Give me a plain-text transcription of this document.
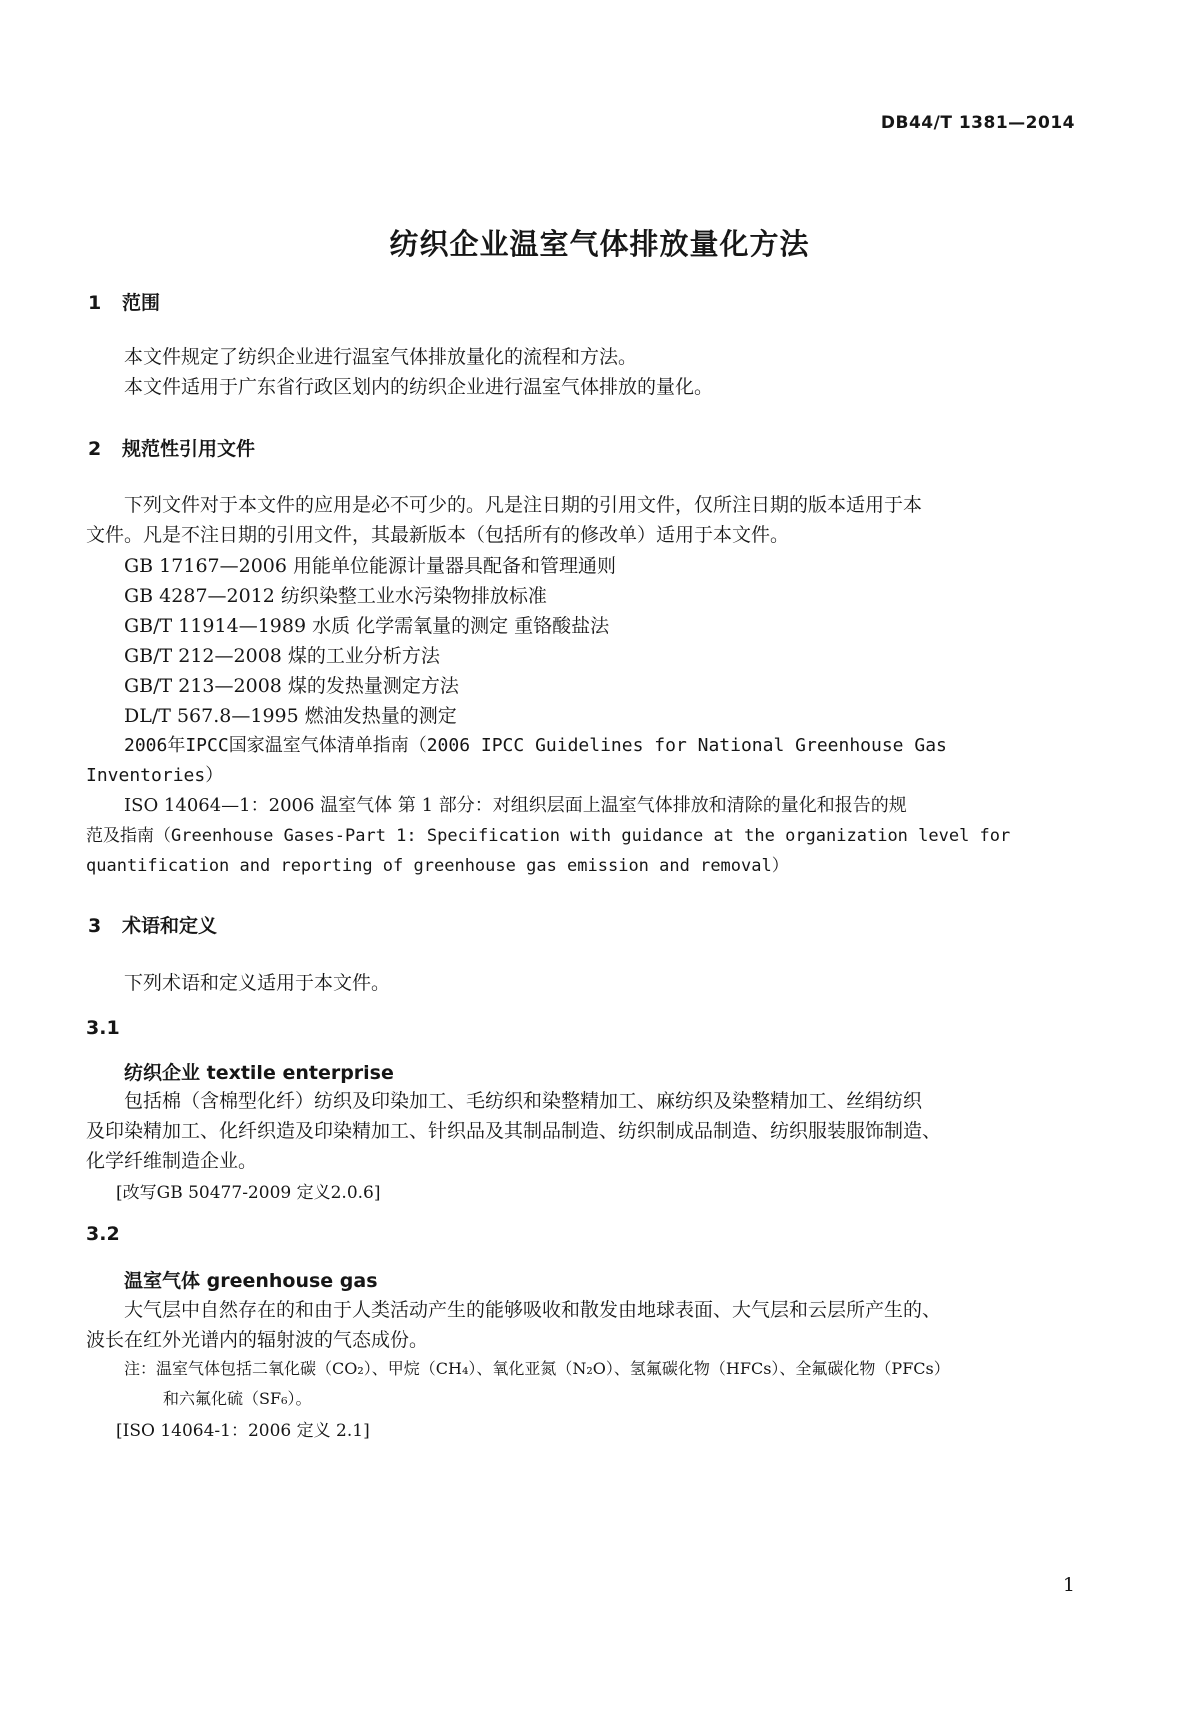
DB44/T 1381—2014
纺织企业温室气体排放量化方法
1 范围
本文件规定了纺织企业进行温室气体排放量化的流程和方法。
本文件适用于广东省行政区划内的纺织企业进行温室气体排放的量化。
2 规范性引用文件
下列文件对于本文件的应用是必不可少的。凡是注日期的引用文件，仅所注日期的版本适用于本
文件。凡是不注日期的引用文件，其最新版本（包括所有的修改单）适用于本文件。
GB 17167—2006 用能单位能源计量器具配备和管理通则
GB 4287—2012 纺织染整工业水污染物排放标准
GB/T 11914—1989 水质 化学需氧量的测定 重铬酸盐法
GB/T 212—2008 煤的工业分析方法
GB/T 213—2008 煤的发热量测定方法
DL/T 567.8—1995 燃油发热量的测定
2006年IPCC国家温室气体清单指南（2006 IPCC Guidelines for National Greenhouse Gas
Inventories）
ISO 14064—1：2006 温室气体 第 1 部分：对组织层面上温室气体排放和清除的量化和报告的规
范及指南（Greenhouse Gases-Part 1: Specification with guidance at the organization level for
quantification and reporting of greenhouse gas emission and removal）
3 术语和定义
下列术语和定义适用于本文件。
3.1
纺织企业 textile enterprise
包括棉（含棉型化纤）纺织及印染加工、毛纺织和染整精加工、麻纺织及染整精加工、丝绢纺织
及印染精加工、化纤织造及印染精加工、针织品及其制品制造、纺织制成品制造、纺织服装服饰制造、
化学纤维制造企业。
[改写GB 50477-2009 定义2.0.6]
3.2
温室气体 greenhouse gas
大气层中自然存在的和由于人类活动产生的能够吸收和散发由地球表面、大气层和云层所产生的、
波长在红外光谱内的辐射波的气态成份。
注：温室气体包括二氧化碳（CO₂）、甲烷（CH₄）、氧化亚氮（N₂O）、氢氟碳化物（HFCs）、全氟碳化物（PFCs）
和六氟化硫（SF₆）。
[ISO 14064-1：2006 定义 2.1]
1
